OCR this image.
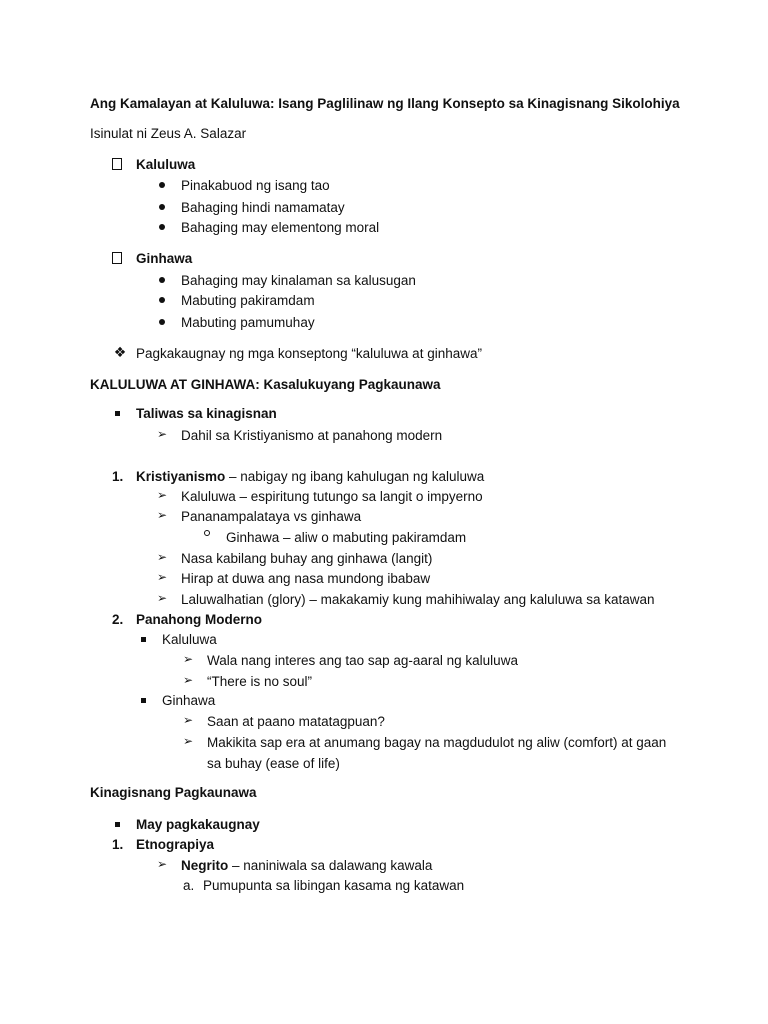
Ang Kamalayan at Kaluluwa: Isang Paglilinaw ng Ilang Konsepto sa Kinagisnang Sikolohiya
Isinulat ni Zeus A. Salazar
Kaluluwa
Pinakabuod ng isang tao
Bahaging hindi namamatay
Bahaging may elementong moral
Ginhawa
Bahaging may kinalaman sa kalusugan
Mabuting pakiramdam
Mabuting pamumuhay
❖ Pagkakaugnay ng mga konseptong “kaluluwa at ginhawa”
KALULUWA AT GINHAWA: Kasalukuyang Pagkaunawa
Taliwas sa kinagisnan
➢	Dahil sa Kristiyanismo at panahong modern
1. Kristiyanismo – nabigay ng ibang kahulugan ng kaluluwa
➢	Kaluluwa – espiritung tutungo sa langit o impyerno
➢	Pananampalataya vs ginhawa
Ginhawa – aliw o mabuting pakiramdam
➢	Nasa kabilang buhay ang ginhawa (langit)
➢	Hirap at duwa ang nasa mundong ibabaw
➢	Laluwalhatian (glory) – makakamiy kung mahihiwalay ang kaluluwa sa katawan
2. Panahong Moderno
Kaluluwa
➢	Wala nang interes ang tao sap ag-aaral ng kaluluwa
➢	“There is no soul”
Ginhawa
➢	Saan at paano matatagpuan?
➢	Makikita sap era at anumang bagay na magdudulot ng aliw (comfort) at gaan
sa buhay (ease of life)
Kinagisnang Pagkaunawa
May pagkakaugnay
1. Etnograpiya
➢	Negrito – naniniwala sa dalawang kawala
a. Pumupunta sa libingan kasama ng katawan
